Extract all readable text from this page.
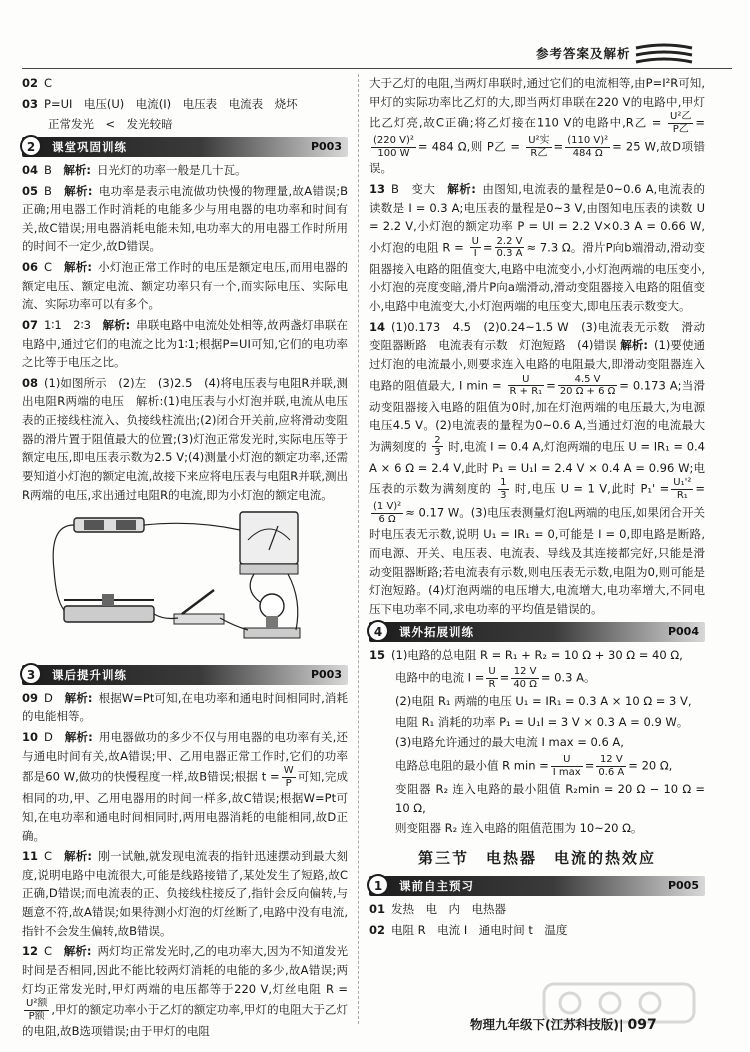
参考答案及解析

02 C

03 P=UI　电压(U)　电流(I)　电压表　电流表　烧坏

正常发光　<　发光较暗

2	课堂巩固训练	P003

04 B　 解析: 日光灯的功率一般是几十瓦。

05 B　 解析: 电功率是表示电流做功快慢的物理量,故A错误;B正确;用电器工作时消耗的电能多少与用电器的电功率和时间有关,故C错误;用电器消耗电能未知,电功率大的用电器工作时所用的时间不一定少,故D错误。

06 C　 解析: 小灯泡正常工作时的电压是额定电压,而用电器的额定电压、额定电流、额定功率只有一个,而实际电压、实际电流、实际功率可以有多个。

07 1∶1　2∶3　 解析: 串联电路中电流处处相等,故两盏灯串联在电路中,通过它们的电流之比为1∶1;根据P=UI可知,它们的电功率之比等于电压之比。

08 (1)如图所示　(2)左　(3)2.5　 (4)将电压表与电阻R并联,测出电阻R两端的电压　解析:(1)电压表与小灯泡并联,电流从电压表的正接线柱流入、负接线柱流出;(2)闭合开关前,应将滑动变阻器的滑片置于阻值最大的位置;(3)灯泡正常发光时,实际电压等于额定电压,即电压表示数为2.5 V;(4)测量小灯泡的额定功率,还需要知道小灯泡的额定电流,故接下来应将电压表与电阻R并联,测出R两端的电压,求出通过电阻R的电流,即为小灯泡的额定电流。

3	课后提升训练	P003

09 D　 解析: 根据W=Pt可知,在电功率和通电时间相同时,消耗的电能相等。

10 D　 解析: 用电器做功的多少不仅与用电器的电功率有关,还与通电时间有关,故A错误;甲、乙用电器正常工作时,它们的功率都是60 W,做功的快慢程度一样,故B错误;根据 $t = \frac{W}{P}$ 可知,完成相同的功,甲、乙用电器用的时间一样多,故C错误;根据W=Pt可知,在电功率和通电时间相同时,两用电器消耗的电能相同,故D正确。

11 C　 解析: 刚一试触,就发现电流表的指针迅速摆动到最大刻度,说明电路中电流很大,可能是线路接错了,某处发生了短路,故C正确,D错误;而电流表的正、负接线柱接反了,指针会反向偏转,与题意不符,故A错误;如果待测小灯泡的灯丝断了,电路中没有电流,指针不会发生偏转,故B错误。

12 C　 解析: 两灯均正常发光时,乙的电功率大,因为不知道发光时间是否相同,因此不能比较两灯消耗的电能的多少,故A错误;两灯均正常发光时,甲灯两端的电压都等于220 V,灯丝电阻 R =
$\frac{\text{U²额}}{\text{P额}}$ ,甲灯的额定功率小于乙灯的额定功率,甲灯的电阻大于乙灯的电阻,故B选项错误;由于甲灯的电阻

大于乙灯的电阻,当两灯串联时,通过它们的电流相等,由P=I²R可知,甲灯的实际功率比乙灯的大,即当两灯串联在220 V的电路中,甲灯比乙灯亮,故C正确;将乙灯接在110 V的电路中,R乙 = $\frac{\text{U²乙}}{\text{P乙}}$ =
$\frac{\text{(220 V)²}}{100 W} = 484$ Ω,则 P乙 = $\frac{\text{U²实}}{\text{R乙}} = \frac{\text{(110 V)²}}{484 \Omega} = 25$ W,故D项错误。

13 B　 变大　 解析: 由图知,电流表的量程是0~0.6 A,电流表的读数是 I = 0.3 A;电压表的量程是0~3 V,由图知电压表的读数 U = 2.2 V,小灯泡的额定功率 P = UI = 2.2 V×0.3 A = 0.66 W,小灯泡的电阻 $R = \frac{U}{I} = \frac{2.2 V}{0.3 A} \approx 7.3$ Ω。滑片P向b端滑动,滑动变阻器接入电路的阻值变大,电路中电流变小,小灯泡两端的电压变小,小灯泡的亮度变暗,滑片P向a端滑动,滑动变阻器接入电路的阻值变小,电路中电流变大,小灯泡两端的电压变大,即电压表示数变大。

14 (1)0.173　4.5　(2)0.24~1.5 W　(3)电流表无示数　滑动变阻器断路　电流表有示数　灯泡短路　(4)错误 解析: (1)要使通过灯泡的电流最小,则要求连入电路的电阻最大,即滑动变阻器连入电路的阻值最大, I $\min = \frac{U}{\text{R + R₁}} = \frac{4.5 V}{20 \Omega + 6 \Omega} = 0.173$ A;当滑动变阻器接入电路的阻值为0时,加在灯泡两端的电压最大,为电源电压4.5 V。(2)电流表的量程为0~0.6 A,当通过灯泡的电流最大为满刻度的 $\frac{2}{3}$ 时,电流 I = 0.4 A,灯泡两端的电压 U = IR₁ = 0.4 A × 6 Ω = 2.4 V,此时 P₁ = U₁I = 2.4 V × 0.4 A = 0.96 W;电压表的示数为满刻度的 $\frac{1}{3}$ 时,电压 U = 1 V,此时 $P_1' = \frac{\text{U₁'²}}{\text{R₁}}$ =
$\frac{\text{(1 V)²}}{6 \Omega} \approx 0.17$ W。(3)电压表测量灯泡L两端的电压,如果闭合开关时电压表无示数,说明 U₁ = IR₁ = 0,可能是 I = 0,即电路是断路,而电源、开关、电压表、电流表、导线及其连接都完好,只能是滑动变阻器断路;若电流表有示数,则电压表无示数,电阻为0,则可能是灯泡短路。(4)灯泡两端的电压增大,电流增大,电功率增大,不同电压下电功率不同,求电功率的平均值是错误的。

4	课外拓展训练	P004

15 (1)电路的总电阻 R = R₁ + R₂ = 10 Ω + 30 Ω = 40 Ω,

电路中的电流 $I = \frac{U}{R} = \frac{12 V}{40 \Omega} = 0.3$ A。

(2)电阻 R₁ 两端的电压 U₁ = IR₁ = 0.3 A × 10 Ω = 3 V,

电阻 R₁ 消耗的功率 P₁ = U₁I = 3 V × 0.3 A = 0.9 W。

(3)电路允许通过的最大电流 I max = 0.6 A,

电路总电阻的最小值 R $\min = \frac{U}{\text{I max}} = \frac{12 V}{0.6 A} = 20$ Ω,

变阻器 R₂ 连入电路的最小阻值 R₂min = 20 Ω − 10 Ω = 10 Ω,

则变阻器 R₂ 连入电路的阻值范围为 10~20 Ω。

第三节　电热器　电流的热效应
1	课前自主预习	P005

01 发热　电　内　电热器

02 电阻 R　电流 I　通电时间 t　温度

物理九年级下(江苏科技版)| 097
